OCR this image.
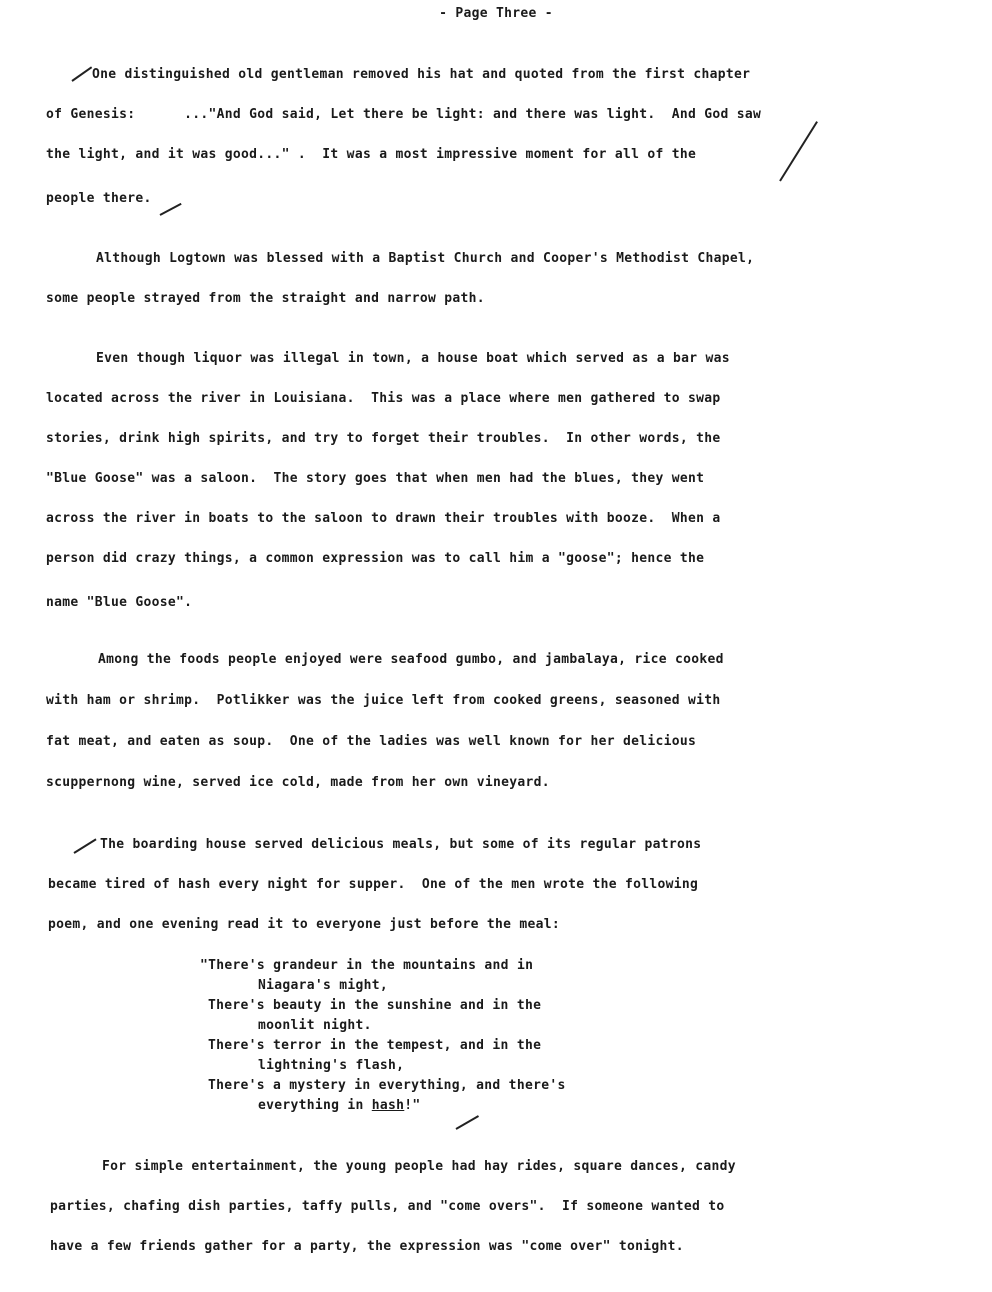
- Page Three -
One distinguished old gentleman removed his hat and quoted from the first chapter
of Genesis:      ..."And God said, Let there be light: and there was light.  And God saw
the light, and it was good..." .  It was a most impressive moment for all of the
people there.
Although Logtown was blessed with a Baptist Church and Cooper's Methodist Chapel,
some people strayed from the straight and narrow path.
Even though liquor was illegal in town, a house boat which served as a bar was
located across the river in Louisiana.  This was a place where men gathered to swap
stories, drink high spirits, and try to forget their troubles.  In other words, the
"Blue Goose" was a saloon.  The story goes that when men had the blues, they went
across the river in boats to the saloon to drawn their troubles with booze.  When a
person did crazy things, a common expression was to call him a "goose"; hence the
name "Blue Goose".
Among the foods people enjoyed were seafood gumbo, and jambalaya, rice cooked
with ham or shrimp.  Potlikker was the juice left from cooked greens, seasoned with
fat meat, and eaten as soup.  One of the ladies was well known for her delicious
scuppernong wine, served ice cold, made from her own vineyard.
The boarding house served delicious meals, but some of its regular patrons
became tired of hash every night for supper.  One of the men wrote the following
poem, and one evening read it to everyone just before the meal:
"There's grandeur in the mountains and in
Niagara's might,
There's beauty in the sunshine and in the
moonlit night.
There's terror in the tempest, and in the
lightning's flash,
There's a mystery in everything, and there's
everything in hash!"
For simple entertainment, the young people had hay rides, square dances, candy
parties, chafing dish parties, taffy pulls, and "come overs".  If someone wanted to
have a few friends gather for a party, the expression was "come over" tonight.
